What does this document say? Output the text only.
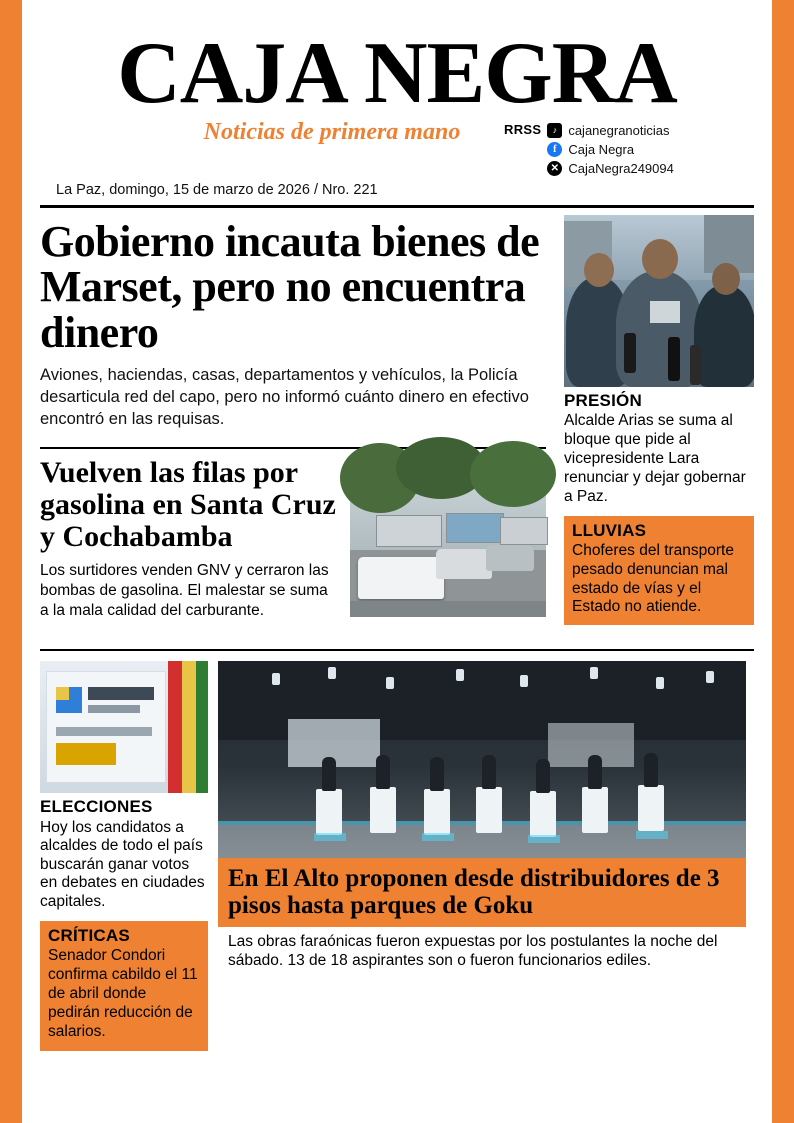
CAJA NEGRA
Noticias de primera mano	RRSS	♪ cajanegranoticias
f Caja Negra
✕ CajaNegra249094
La Paz, domingo, 15 de marzo de 2026 / Nro. 221
Gobierno incauta bienes de Marset, pero no encuentra dinero

Aviones, haciendas, casas, departamentos y vehículos, la Policía desarticula red del capo, pero no informó cuánto dinero en efectivo encontró en las requisas.

Vuelven las filas por gasolina en Santa Cruz y Cochabamba

Los surtidores venden GNV y cerraron las bombas de gasolina. El malestar se suma a la mala calidad del carburante.

PRESIÓN
Alcalde Arias se suma al bloque que pide al vicepresidente Lara renunciar y dejar gobernar a Paz.
LLUVIAS
Choferes del transporte pesado denuncian mal estado de vías y el Estado no atiende.
ELECCIONES
Hoy los candidatos a alcaldes de todo el país buscarán ganar votos en debates en ciudades capitales.
CRÍTICAS
Senador Condori confirma cabildo el 11 de abril donde pedirán reducción de salarios.
En El Alto proponen desde distribuidores de 3 pisos hasta parques de Goku
Las obras faraónicas fueron expuestas por los postulantes la noche del sábado. 13 de 18 aspirantes son o fueron funcionarios ediles.
